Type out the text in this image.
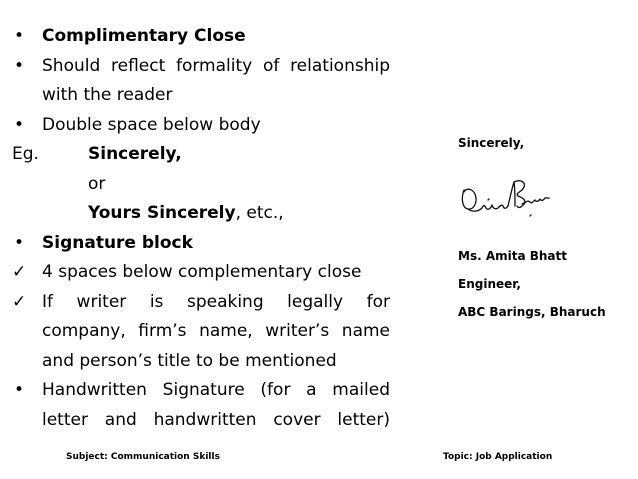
•	Complimentary Close
•	Should reflect formality of relationship
with the reader
•	Double space below body
Eg.	Sincerely,
or
Yours Sincerely, etc.,
•	Signature block
✓ 4 spaces below complementary close
✓ If writer is speaking legally for
company, firm’s name, writer’s name
and person’s title to be mentioned
•	Handwritten Signature (for a mailed
letter and handwritten cover letter)
Sincerely,
Ms. Amita Bhatt
Engineer,
ABC Barings, Bharuch
Subject: Communication Skills	Topic: Job Application
